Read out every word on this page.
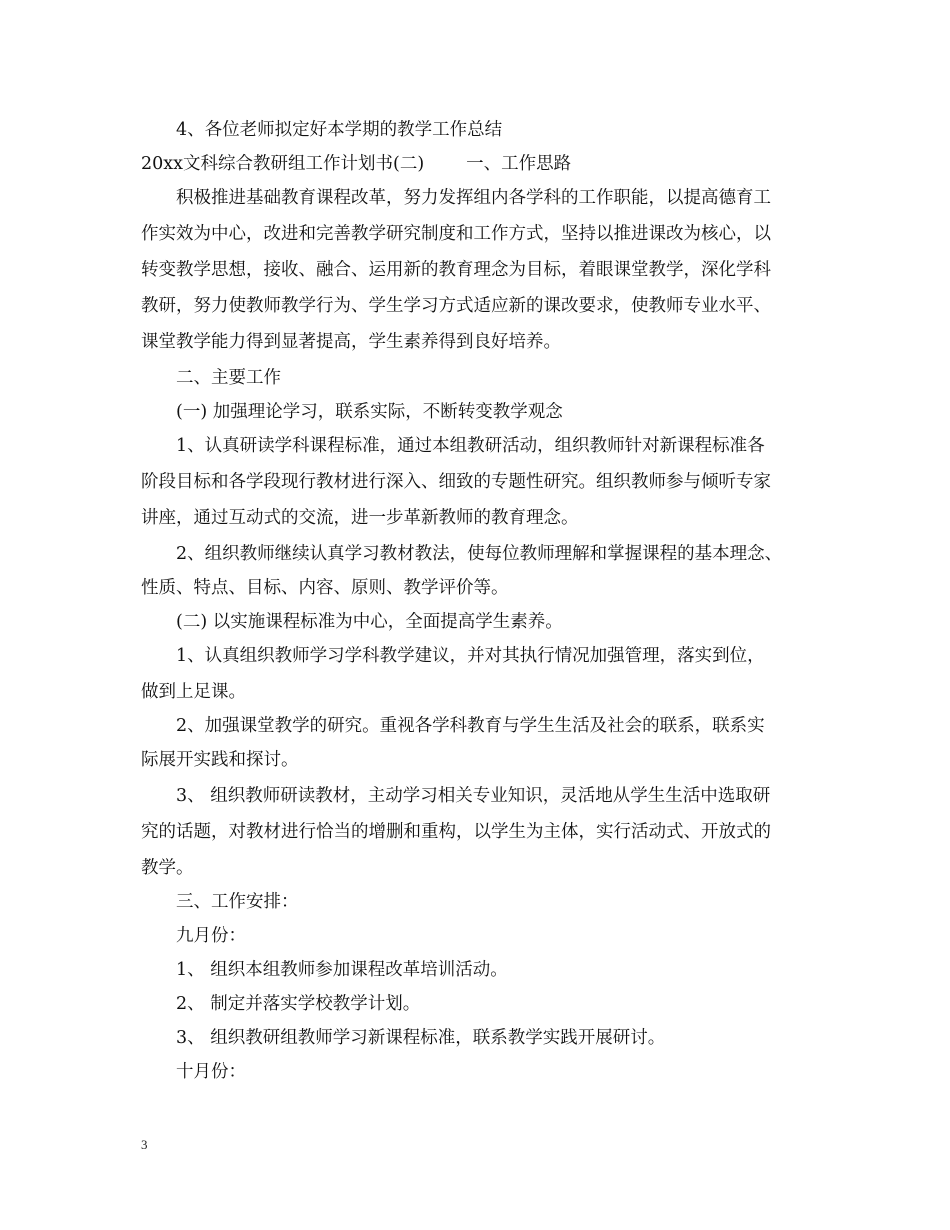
4、各位老师拟定好本学期的教学工作总结
20xx文科综合教研组工作计划书(二) 一、工作思路
积极推进基础教育课程改革，努力发挥组内各学科的工作职能，以提高德育工
作实效为中心，改进和完善教学研究制度和工作方式，坚持以推进课改为核心，以
转变教学思想，接收、融合、运用新的教育理念为目标，着眼课堂教学，深化学科
教研，努力使教师教学行为、学生学习方式适应新的课改要求，使教师专业水平、
课堂教学能力得到显著提高，学生素养得到良好培养。
二、主要工作
(一) 加强理论学习，联系实际，不断转变教学观念
1、认真研读学科课程标准，通过本组教研活动，组织教师针对新课程标准各
阶段目标和各学段现行教材进行深入、细致的专题性研究。组织教师参与倾听专家
讲座，通过互动式的交流，进一步革新教师的教育理念。
2、组织教师继续认真学习教材教法，使每位教师理解和掌握课程的基本理念、
性质、特点、目标、内容、原则、教学评价等。
(二) 以实施课程标准为中心，全面提高学生素养。
1、认真组织教师学习学科教学建议，并对其执行情况加强管理，落实到位，
做到上足课。
2、加强课堂教学的研究。重视各学科教育与学生生活及社会的联系，联系实
际展开实践和探讨。
3、 组织教师研读教材，主动学习相关专业知识，灵活地从学生生活中选取研
究的话题，对教材进行恰当的增删和重构，以学生为主体，实行活动式、开放式的
教学。
三、工作安排：
九月份：
1、 组织本组教师参加课程改革培训活动。
2、 制定并落实学校教学计划。
3、 组织教研组教师学习新课程标准，联系教学实践开展研讨。
十月份：
3
